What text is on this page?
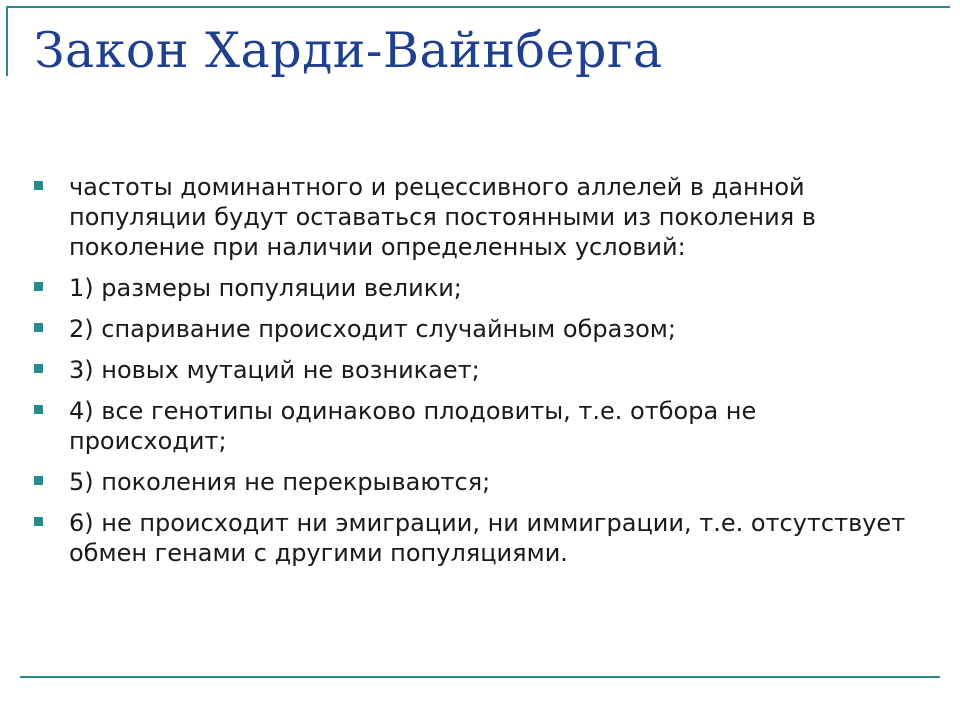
Закон Харди-Вайнберга
частоты доминантного и рецессивного аллелей в данной популяции будут оставаться постоянными из поколения в поколение при наличии определенных условий:
1) размеры популяции велики;
2) спаривание происходит случайным образом;
3) новых мутаций не возникает;
4) все генотипы одинаково плодовиты, т.е. отбора не происходит;
5) поколения не перекрываются;
6) не происходит ни эмиграции, ни иммиграции, т.е. отсутствует обмен генами с другими популяциями.
